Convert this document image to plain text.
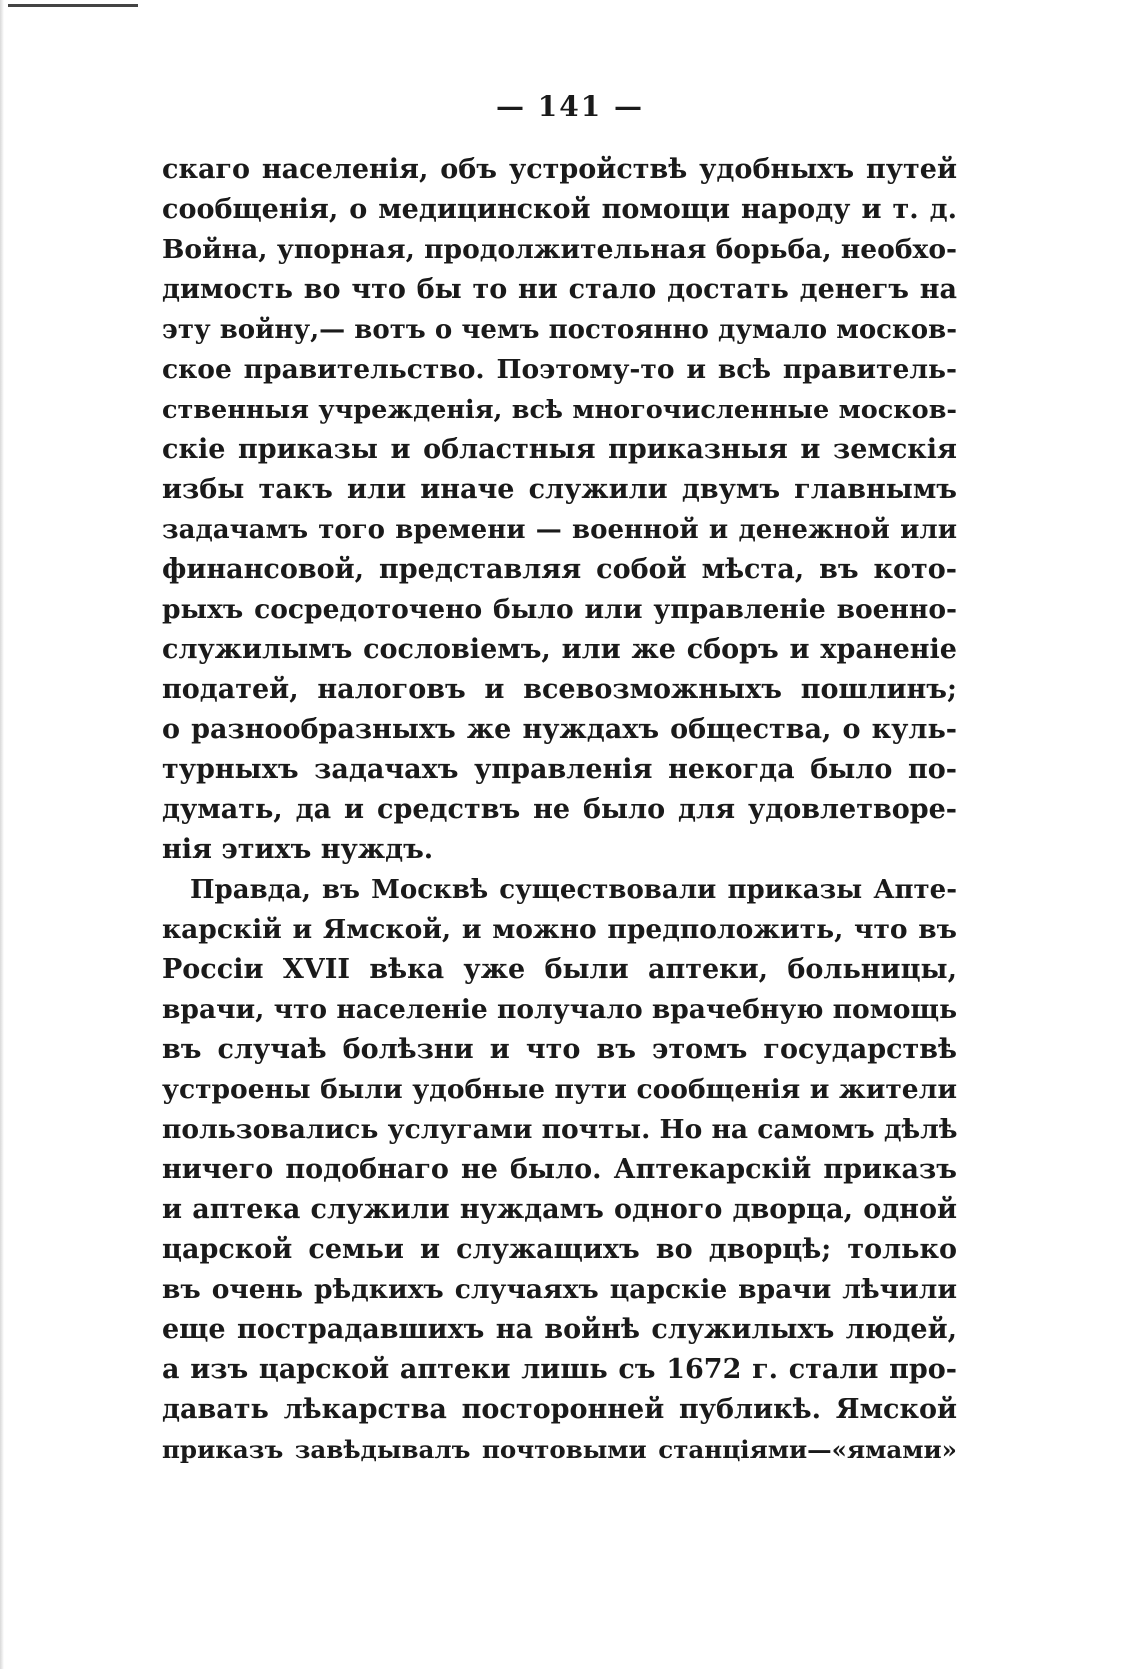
— 141 —
скаго населенія, объ устройствѣ удобныхъ путей
сообщенія, о медицинской помощи народу и т. д.
Война, упорная, продолжительная борьба, необхо-
димость во что бы то ни стало достать денегъ на
эту войну,— вотъ о чемъ постоянно думало москов-
ское правительство. Поэтому-то и всѣ правитель-
ственныя учрежденія, всѣ многочисленные москов-
скіе приказы и областныя приказныя и земскія
избы такъ или иначе служили двумъ главнымъ
задачамъ того времени — военной и денежной или
финансовой, представляя собой мѣста, въ кото-
рыхъ сосредоточено было или управленіе военно-
служилымъ сословіемъ, или же сборъ и храненіе
податей, налоговъ и всевозможныхъ пошлинъ;
о разнообразныхъ же нуждахъ общества, о куль-
турныхъ задачахъ управленія некогда было по-
думать, да и средствъ не было для удовлетворе-
нія этихъ нуждъ.
Правда, въ Москвѣ существовали приказы Апте-
карскій и Ямской, и можно предположить, что въ
Россіи XVII вѣка уже были аптеки, больницы,
врачи, что населеніе получало врачебную помощь
въ случаѣ болѣзни и что въ этомъ государствѣ
устроены были удобные пути сообщенія и жители
пользовались услугами почты. Но на самомъ дѣлѣ
ничего подобнаго не было. Аптекарскій приказъ
и аптека служили нуждамъ одного дворца, одной
царской семьи и служащихъ во дворцѣ; только
въ очень рѣдкихъ случаяхъ царскіе врачи лѣчили
еще пострадавшихъ на войнѣ служилыхъ людей,
а изъ царской аптеки лишь съ 1672 г. стали про-
давать лѣкарства посторонней публикѣ. Ямской
приказъ завѣдывалъ почтовыми станціями—«ямами»
